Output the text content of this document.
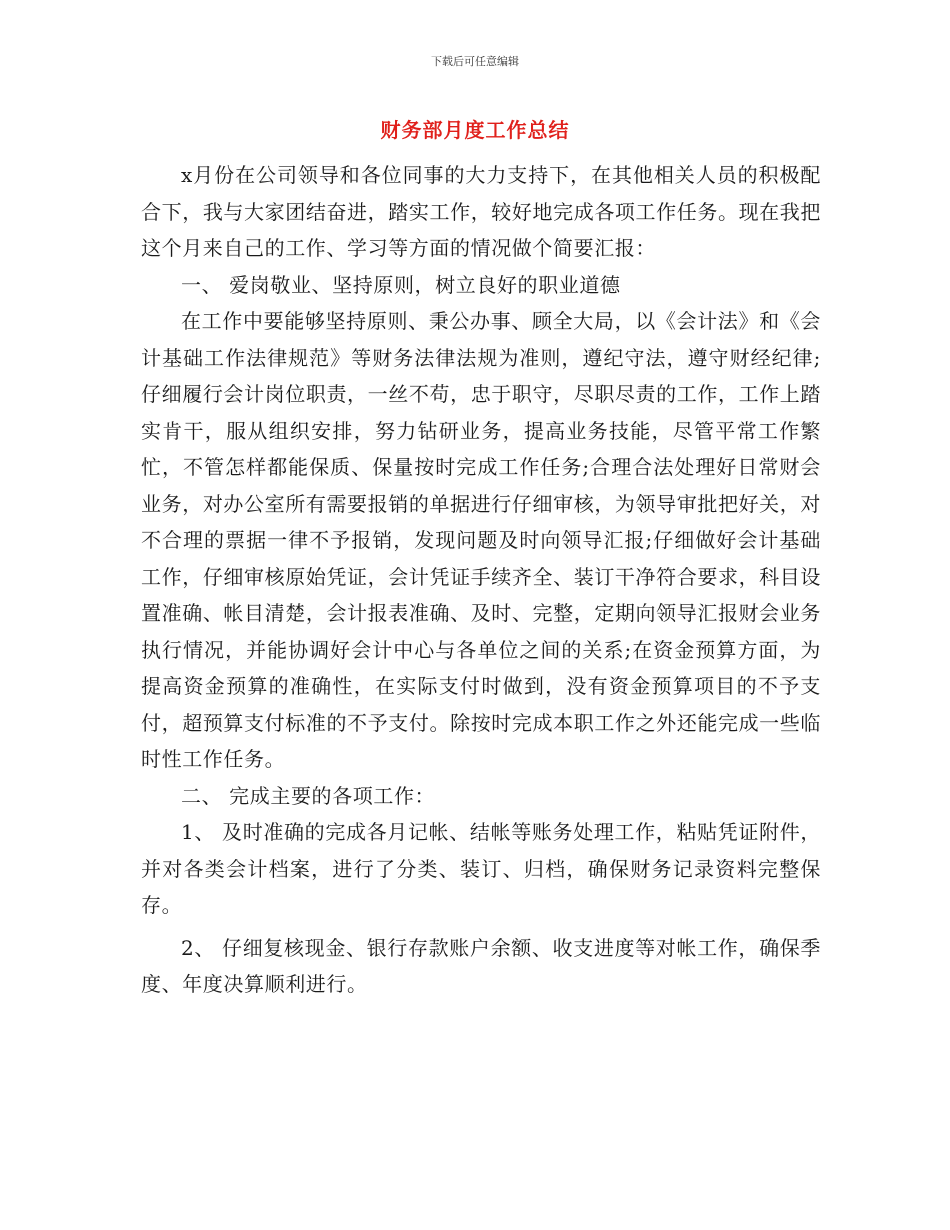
下载后可任意编辑
财务部月度工作总结

x月份在公司领导和各位同事的大力支持下，在其他相关人员的积极配合下，我与大家团结奋进，踏实工作，较好地完成各项工作任务。现在我把这个月来自己的工作、学习等方面的情况做个简要汇报：

一、 爱岗敬业、坚持原则，树立良好的职业道德

在工作中要能够坚持原则、秉公办事、顾全大局，以《会计法》和《会计基础工作法律规范》等财务法律法规为准则，遵纪守法，遵守财经纪律;仔细履行会计岗位职责，一丝不苟，忠于职守，尽职尽责的工作，工作上踏实肯干，服从组织安排，努力钻研业务，提高业务技能，尽管平常工作繁忙，不管怎样都能保质、保量按时完成工作任务;合理合法处理好日常财会业务，对办公室所有需要报销的单据进行仔细审核，为领导审批把好关，对不合理的票据一律不予报销，发现问题及时向领导汇报;仔细做好会计基础工作，仔细审核原始凭证，会计凭证手续齐全、装订干净符合要求，科目设置准确、帐目清楚，会计报表准确、及时、完整，定期向领导汇报财会业务执行情况，并能协调好会计中心与各单位之间的关系;在资金预算方面，为提高资金预算的准确性，在实际支付时做到，没有资金预算项目的不予支付，超预算支付标准的不予支付。除按时完成本职工作之外还能完成一些临时性工作任务。

二、 完成主要的各项工作：

1、 及时准确的完成各月记帐、结帐等账务处理工作，粘贴凭证附件，并对各类会计档案，进行了分类、装订、归档，确保财务记录资料完整保存。

2、 仔细复核现金、银行存款账户余额、收支进度等对帐工作，确保季度、年度决算顺利进行。
